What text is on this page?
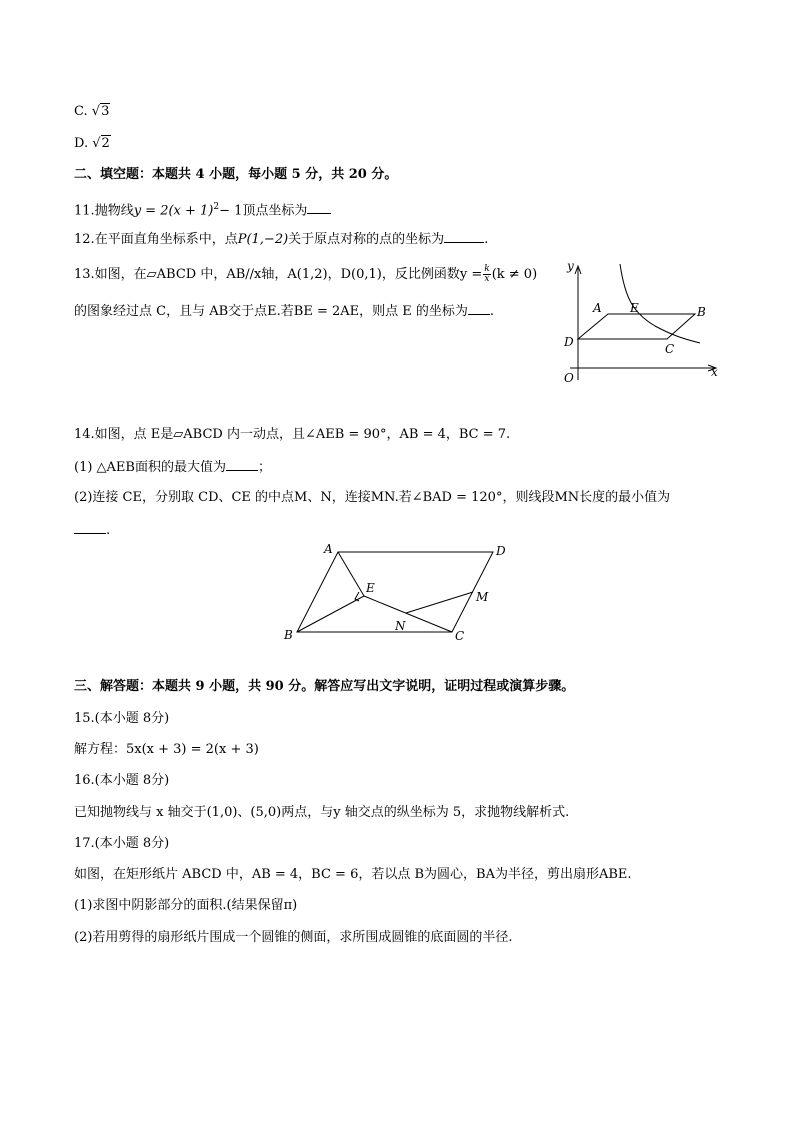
C. √3
D. √2
二、填空题：本题共 4 小题，每小题 5 分，共 20 分。
11.抛物线$y = 2(x + 1)^2- 1$顶点坐标为
12.在平面直角坐标系中，点P(1,−2)关于原点对称的点的坐标为	.
13.如图，在▱ABCD 中，AB//x轴，A(1,2)，D(0,1)，反比例函数$y = \frac{k}{x} (k \ne 0)$
的图象经过点 C，且与 AB交于点E.若BE = 2AE，则点 E 的坐标为 .
y
x
O
A E	B
D	C
14.如图，点 E是▱ABCD 内一动点，且∠AEB = 90°，AB = 4，BC = 7.
(1) △AEB面积的最大值为 ；
(2)连接 CE，分别取 CD、CE 的中点M、N，连接MN.若∠BAD = 120°，则线段MN长度的最小值为
.
A	D
E
M
N
B	C
三、解答题：本题共 9 小题，共 90 分。解答应写出文字说明，证明过程或演算步骤。
15.(本小题 8分)
解方程：5x(x + 3) = 2(x + 3)
16.(本小题 8分)
已知抛物线与 x 轴交于(1,0)、(5,0)两点，与y 轴交点的纵坐标为 5，求抛物线解析式.
17.(本小题 8分)
如图，在矩形纸片 ABCD 中，AB = 4，BC = 6，若以点 B为圆心，BA为半径，剪出扇形ABE.
(1)求图中阴影部分的面积.(结果保留π)
(2)若用剪得的扇形纸片围成一个圆锥的侧面，求所围成圆锥的底面圆的半径.
